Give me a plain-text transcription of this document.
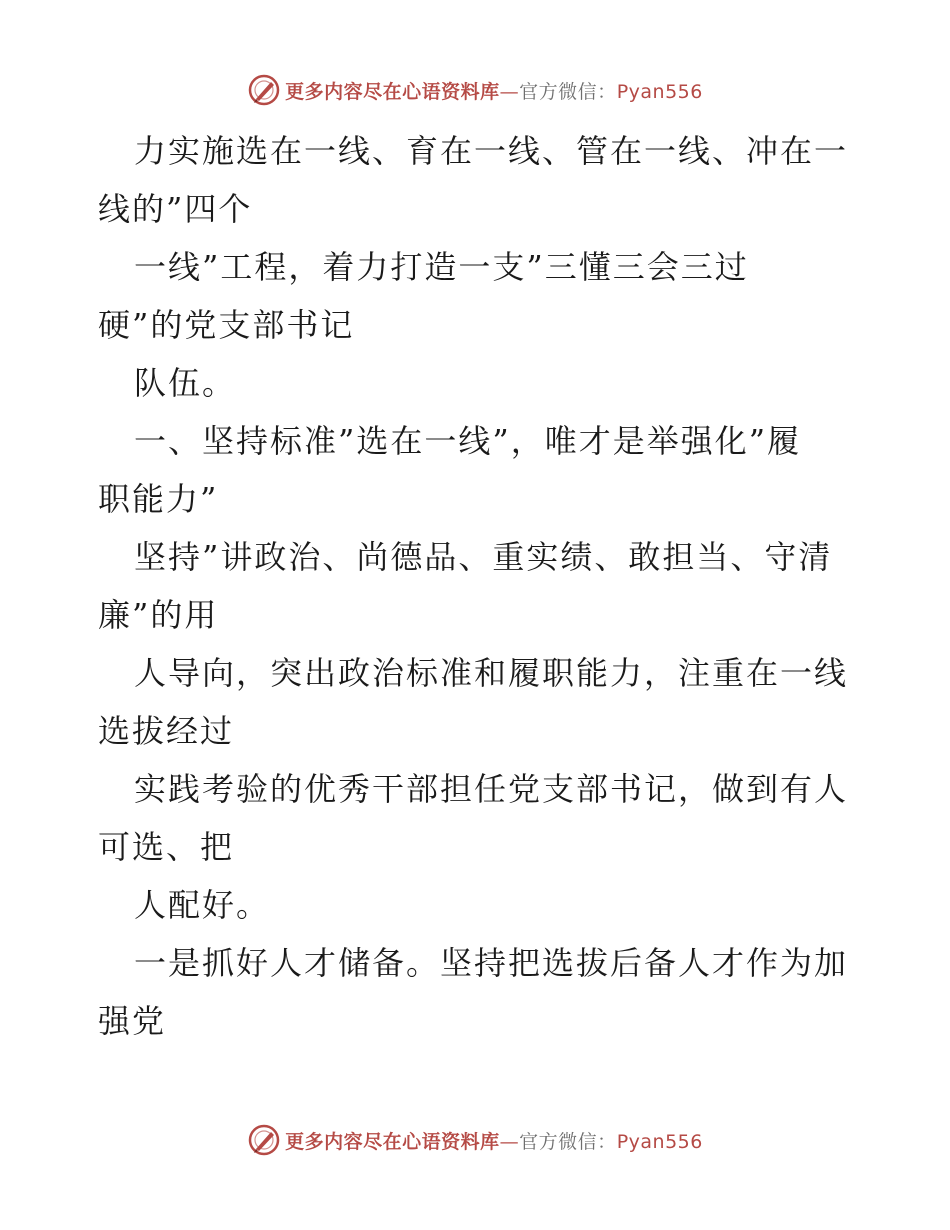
更多内容尽在心语资料库—官方微信：Pyan556
力实施选在一线、育在一线、管在一线、冲在一
线的”四个
一线”工程，着力打造一支”三懂三会三过
硬”的党支部书记
队伍。
一、坚持标准”选在一线”，唯才是举强化”履
职能力”
坚持”讲政治、尚德品、重实绩、敢担当、守清
廉”的用
人导向，突出政治标准和履职能力，注重在一线
选拔经过
实践考验的优秀干部担任党支部书记，做到有人
可选、把
人配好。
一是抓好人才储备。坚持把选拔后备人才作为加
强党
更多内容尽在心语资料库—官方微信：Pyan556
